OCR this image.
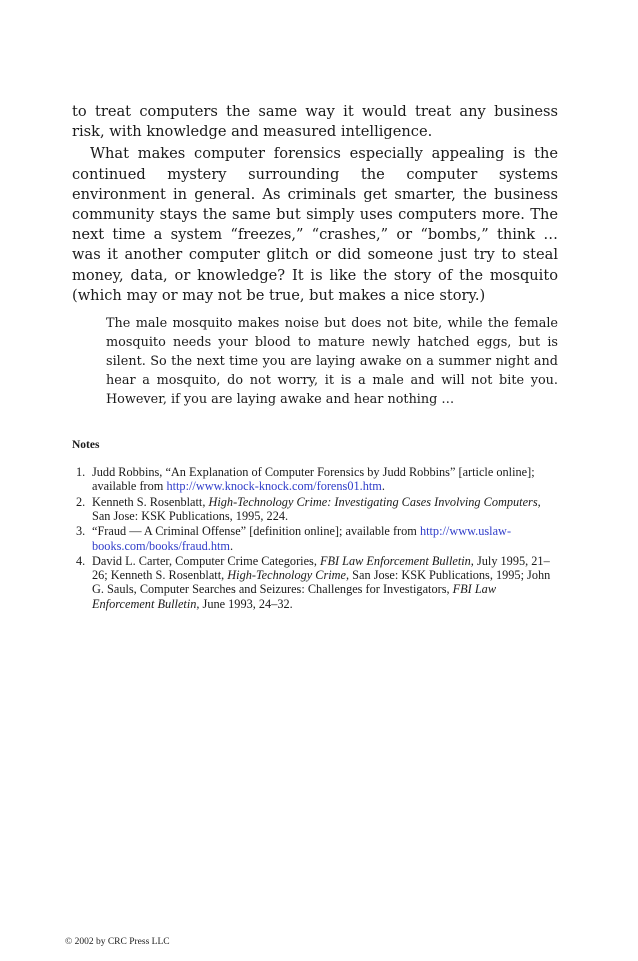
to treat computers the same way it would treat any business risk, with knowledge and measured intelligence.

What makes computer forensics especially appealing is the continued mystery surrounding the computer systems environment in general. As criminals get smarter, the business community stays the same but simply uses computers more. The next time a system “freezes,” “crashes,” or “bombs,” think … was it another computer glitch or did someone just try to steal money, data, or knowledge? It is like the story of the mosquito (which may or may not be true, but makes a nice story.)

The male mosquito makes noise but does not bite, while the female mosquito needs your blood to mature newly hatched eggs, but is silent. So the next time you are laying awake on a summer night and hear a mosquito, do not worry, it is a male and will not bite you. However, if you are laying awake and hear nothing …
Notes
1. Judd Robbins, “An Explanation of Computer Forensics by Judd Robbins” [article online]; available from http://www.knock-knock.com/forens01.htm.
2. Kenneth S. Rosenblatt, High-Technology Crime: Investigating Cases Involving Computers, San Jose: KSK Publications, 1995, 224.
3. “Fraud — A Criminal Offense” [definition online]; available from http://www.uslaw-books.com/books/fraud.htm.
4. David L. Carter, Computer Crime Categories, FBI Law Enforcement Bulletin, July 1995, 21–26; Kenneth S. Rosenblatt, High-Technology Crime, San Jose: KSK Publications, 1995; John G. Sauls, Computer Searches and Seizures: Challenges for Investigators, FBI Law Enforcement Bulletin, June 1993, 24–32.
© 2002 by CRC Press LLC
